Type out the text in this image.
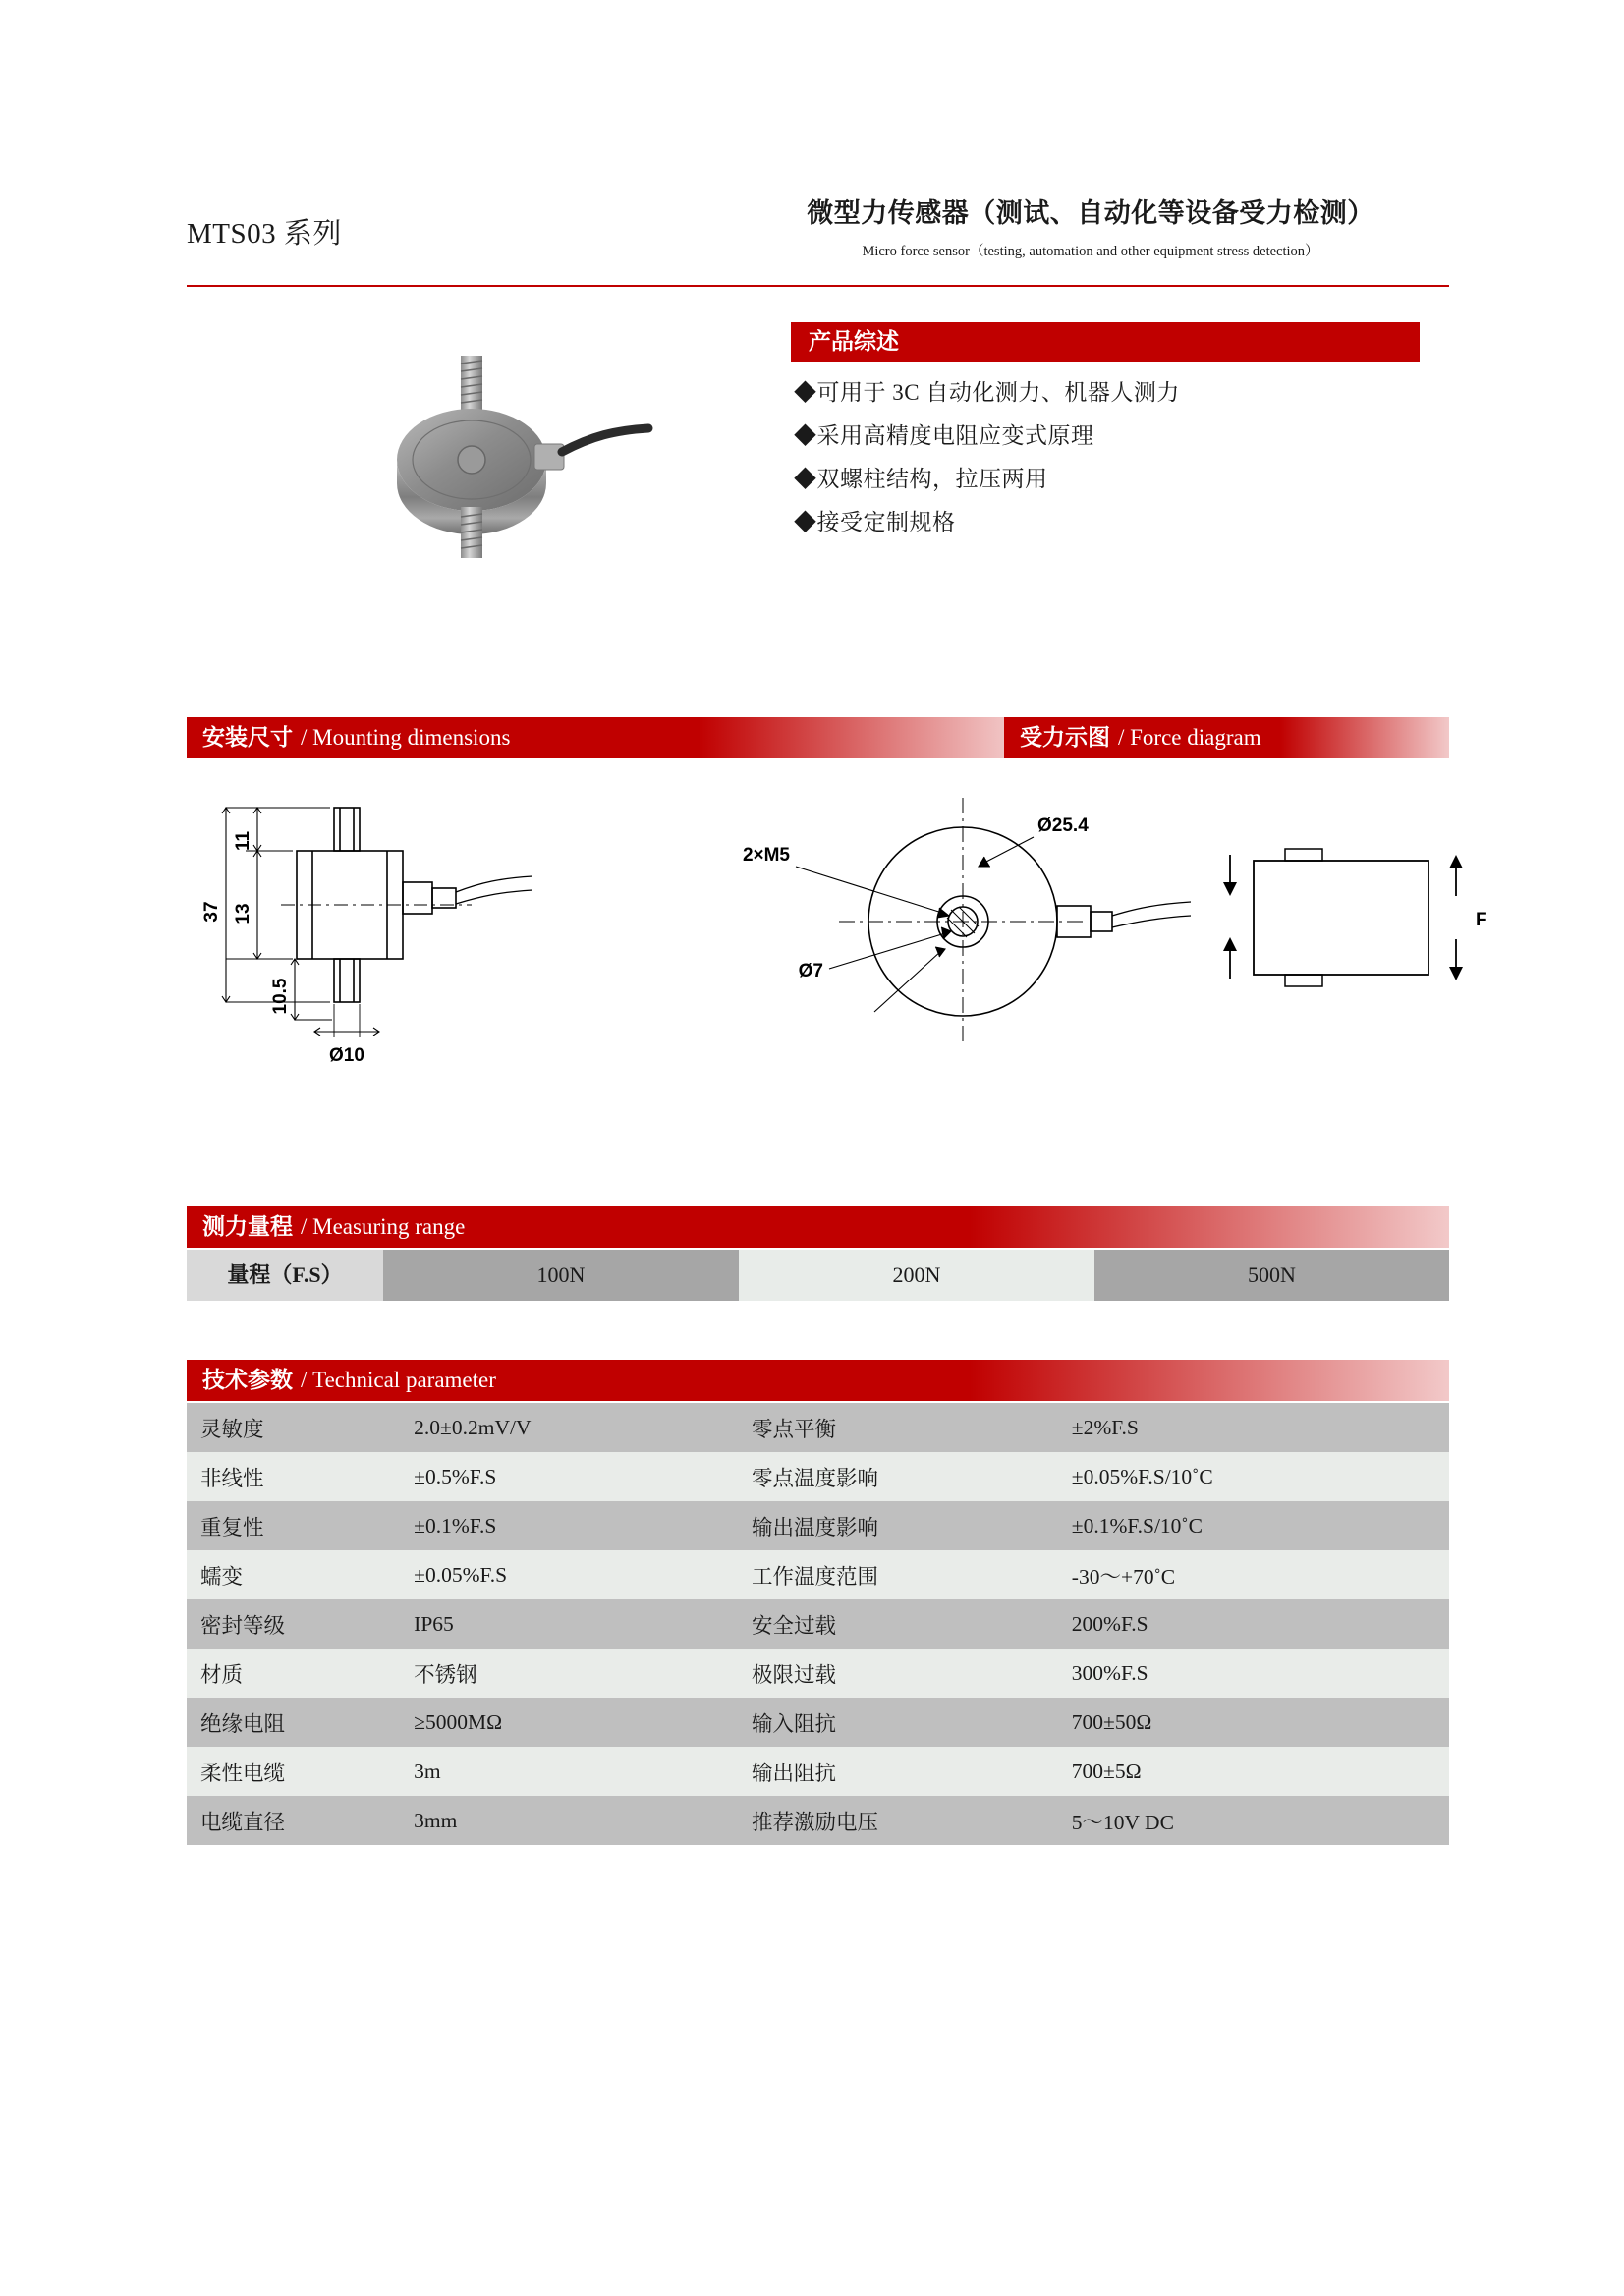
MTS03 系列
微型力传感器（测试、自动化等设备受力检测）
Micro force sensor（testing, automation and other equipment stress detection）
产品综述
◆可用于 3C 自动化测力、机器人测力
◆采用高精度电阻应变式原理
◆双螺柱结构，拉压两用
◆接受定制规格
安装尺寸 / Mounting dimensions	受力示图 / Force diagram
11
13
37
10.5
Ø10
2×M5
Ø25.4
Ø7
F
测力量程 / Measuring range
量程（F.S）	100N	200N	500N
技术参数 / Technical parameter
灵敏度	2.0±0.2mV/V	零点平衡	±2%F.S
非线性	±0.5%F.S	零点温度影响	±0.05%F.S/10˚C
重复性	±0.1%F.S	输出温度影响	±0.1%F.S/10˚C
蠕变	±0.05%F.S	工作温度范围	-30～+70˚C
密封等级	IP65	安全过载	200%F.S
材质	不锈钢	极限过载	300%F.S
绝缘电阻	≥5000MΩ	输入阻抗	700±50Ω
柔性电缆	3m	输出阻抗	700±5Ω
电缆直径	3mm	推荐激励电压	5～10V DC
